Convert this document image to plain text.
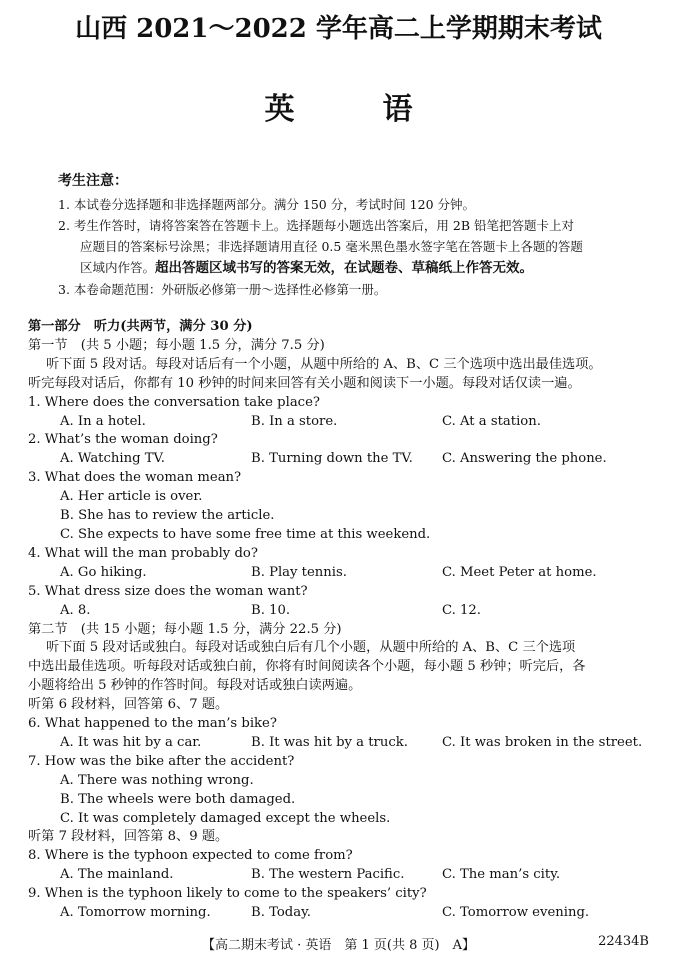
山西 2021～2022 学年高二上学期期末考试
英	语
考生注意：
1. 本试卷分选择题和非选择题两部分。满分 150 分，考试时间 120 分钟。
2. 考生作答时，请将答案答在答题卡上。选择题每小题选出答案后，用 2B 铅笔把答题卡上对
应题目的答案标号涂黑；非选择题请用直径 0.5 毫米黑色墨水签字笔在答题卡上各题的答题
区域内作答。超出答题区域书写的答案无效，在试题卷、草稿纸上作答无效。
3. 本卷命题范围：外研版必修第一册～选择性必修第一册。
第一部分　听力(共两节，满分 30 分)
第一节　(共 5 小题；每小题 1.5 分，满分 7.5 分)
听下面 5 段对话。每段对话后有一个小题，从题中所给的 A、B、C 三个选项中选出最佳选项。
听完每段对话后，你都有 10 秒钟的时间来回答有关小题和阅读下一小题。每段对话仅读一遍。
1. Where does the conversation take place?
A. In a hotel.	B. In a store.	C. At a station.
2. What’s the woman doing?
A. Watching TV.	B. Turning down the TV.	C. Answering the phone.
3. What does the woman mean?
A. Her article is over.
B. She has to review the article.
C. She expects to have some free time at this weekend.
4. What will the man probably do?
A. Go hiking.	B. Play tennis.	C. Meet Peter at home.
5. What dress size does the woman want?
A. 8.	B. 10.	C. 12.
第二节　(共 15 小题；每小题 1.5 分，满分 22.5 分)
听下面 5 段对话或独白。每段对话或独白后有几个小题，从题中所给的 A、B、C 三个选项
中选出最佳选项。听每段对话或独白前，你将有时间阅读各个小题，每小题 5 秒钟；听完后，各
小题将给出 5 秒钟的作答时间。每段对话或独白读两遍。
听第 6 段材料，回答第 6、7 题。
6. What happened to the man’s bike?
A. It was hit by a car.	B. It was hit by a truck.	C. It was broken in the street.
7. How was the bike after the accident?
A. There was nothing wrong.
B. The wheels were both damaged.
C. It was completely damaged except the wheels.
听第 7 段材料，回答第 8、9 题。
8. Where is the typhoon expected to come from?
A. The mainland.	B. The western Pacific.	C. The man’s city.
9. When is the typhoon likely to come to the speakers’ city?
A. Tomorrow morning.	B. Today.	C. Tomorrow evening.
【高二期末考试 · 英语　第 1 页(共 8 页)　A】	22434B
